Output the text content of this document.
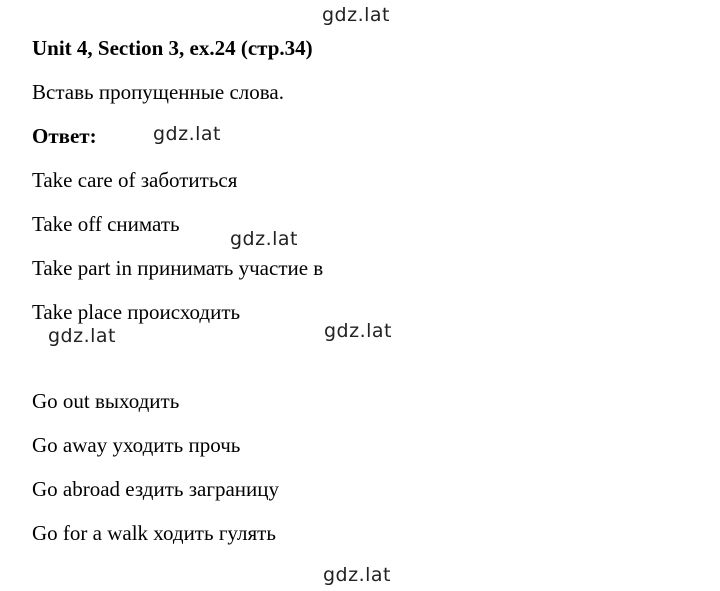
gdz.lat
Unit 4, Section 3, ex.24 (стр.34)
Вставь пропущенные слова.
Ответ:	gdz.lat
Take care of заботиться
Take off снимать
gdz.lat
Take part in принимать участие в
Take place происходить
gdz.lat	gdz.lat
Go out выходить
Go away уходить прочь
Go abroad ездить заграницу
Go for a walk ходить гулять
gdz.lat
